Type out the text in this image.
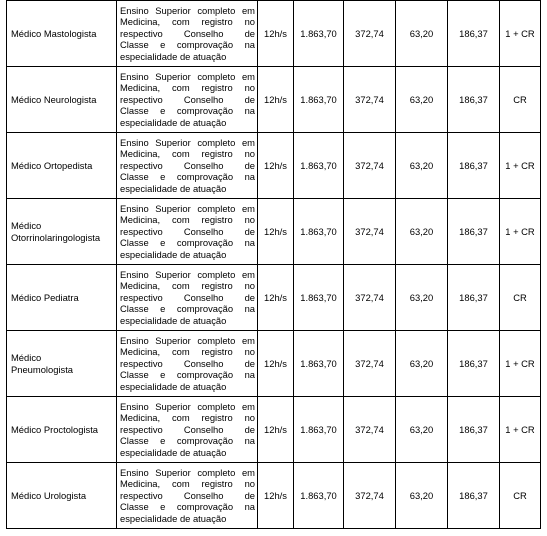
Médico Mastologista	Ensino Superior completo em
Medicina, com registro no
respectivo Conselho de
Classe e comprovação na
especialidade de atuação	12h/s	1.863,70	372,74	63,20	186,37	1 + CR
Médico Neurologista	Ensino Superior completo em
Medicina, com registro no
respectivo Conselho de
Classe e comprovação na
especialidade de atuação	12h/s	1.863,70	372,74	63,20	186,37	CR
Médico Ortopedista	Ensino Superior completo em
Medicina, com registro no
respectivo Conselho de
Classe e comprovação na
especialidade de atuação	12h/s	1.863,70	372,74	63,20	186,37	1 + CR

Médico
Otorrinolaringologista	Ensino Superior completo em
Medicina, com registro no
respectivo Conselho de
Classe e comprovação na
especialidade de atuação	12h/s	1.863,70	372,74	63,20	186,37	1 + CR
Médico Pediatra	Ensino Superior completo em
Medicina, com registro no
respectivo Conselho de
Classe e comprovação na
especialidade de atuação	12h/s	1.863,70	372,74	63,20	186,37	CR

Médico
Pneumologista	Ensino Superior completo em
Medicina, com registro no
respectivo Conselho de
Classe e comprovação na
especialidade de atuação	12h/s	1.863,70	372,74	63,20	186,37	1 + CR
Médico Proctologista	Ensino Superior completo em
Medicina, com registro no
respectivo Conselho de
Classe e comprovação na
especialidade de atuação	12h/s	1.863,70	372,74	63,20	186,37	1 + CR
Médico Urologista	Ensino Superior completo em
Medicina, com registro no
respectivo Conselho de
Classe e comprovação na
especialidade de atuação	12h/s	1.863,70	372,74	63,20	186,37	CR
